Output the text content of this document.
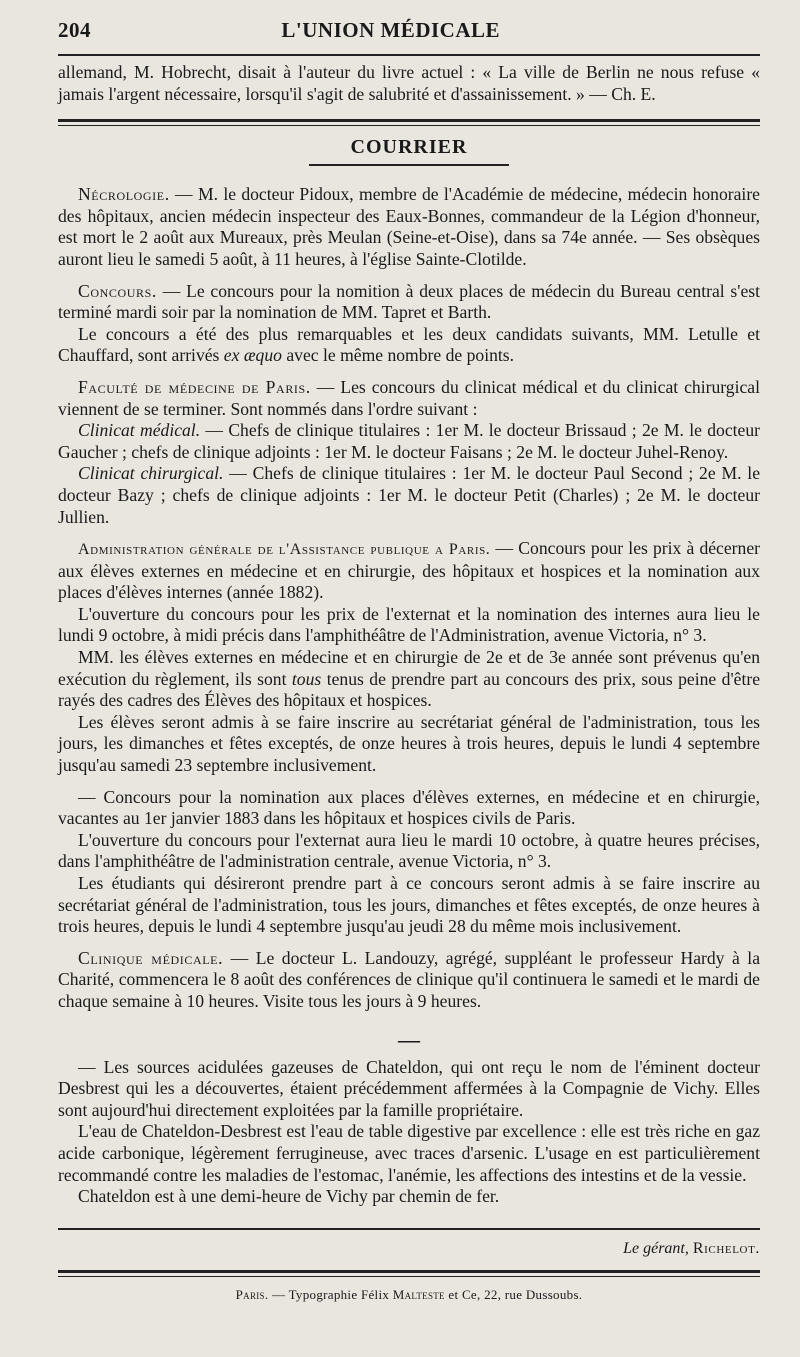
204	L'UNION MÉDICALE

allemand, M. Hobrecht, disait à l'auteur du livre actuel : « La ville de Berlin ne nous refuse « jamais l'argent nécessaire, lorsqu'il s'agit de salubrité et d'assainissement. » — Ch. E.

COURRIER

Nécrologie. — M. le docteur Pidoux, membre de l'Académie de médecine, médecin honoraire des hôpitaux, ancien médecin inspecteur des Eaux-Bonnes, commandeur de la Légion d'honneur, est mort le 2 août aux Mureaux, près Meulan (Seine-et-Oise), dans sa 74e année. — Ses obsèques auront lieu le samedi 5 août, à 11 heures, à l'église Sainte-Clotilde.

Concours. — Le concours pour la nomition à deux places de médecin du Bureau central s'est terminé mardi soir par la nomination de MM. Tapret et Barth.

Le concours a été des plus remarquables et les deux candidats suivants, MM. Letulle et Chauffard, sont arrivés ex æquo avec le même nombre de points.

Faculté de médecine de Paris. — Les concours du clinicat médical et du clinicat chirurgical viennent de se terminer. Sont nommés dans l'ordre suivant :

Clinicat médical. — Chefs de clinique titulaires : 1er M. le docteur Brissaud ; 2e M. le docteur Gaucher ; chefs de clinique adjoints : 1er M. le docteur Faisans ; 2e M. le docteur Juhel-Renoy.

Clinicat chirurgical. — Chefs de clinique titulaires : 1er M. le docteur Paul Second ; 2e M. le docteur Bazy ; chefs de clinique adjoints : 1er M. le docteur Petit (Charles) ; 2e M. le docteur Jullien.

Administration générale de l'Assistance publique a Paris. — Concours pour les prix à décerner aux élèves externes en médecine et en chirurgie, des hôpitaux et hospices et la nomination aux places d'élèves internes (année 1882).

L'ouverture du concours pour les prix de l'externat et la nomination des internes aura lieu le lundi 9 octobre, à midi précis dans l'amphithéâtre de l'Administration, avenue Victoria, n° 3.

MM. les élèves externes en médecine et en chirurgie de 2e et de 3e année sont prévenus qu'en exécution du règlement, ils sont tous tenus de prendre part au concours des prix, sous peine d'être rayés des cadres des Élèves des hôpitaux et hospices.

Les élèves seront admis à se faire inscrire au secrétariat général de l'administration, tous les jours, les dimanches et fêtes exceptés, de onze heures à trois heures, depuis le lundi 4 septembre jusqu'au samedi 23 septembre inclusivement.

— Concours pour la nomination aux places d'élèves externes, en médecine et en chirurgie, vacantes au 1er janvier 1883 dans les hôpitaux et hospices civils de Paris.

L'ouverture du concours pour l'externat aura lieu le mardi 10 octobre, à quatre heures précises, dans l'amphithéâtre de l'administration centrale, avenue Victoria, n° 3.

Les étudiants qui désireront prendre part à ce concours seront admis à se faire inscrire au secrétariat général de l'administration, tous les jours, dimanches et fêtes exceptés, de onze heures à trois heures, depuis le lundi 4 septembre jusqu'au jeudi 28 du même mois inclusivement.

Clinique médicale. — Le docteur L. Landouzy, agrégé, suppléant le professeur Hardy à la Charité, commencera le 8 août des conférences de clinique qu'il continuera le samedi et le mardi de chaque semaine à 10 heures. Visite tous les jours à 9 heures.

—

— Les sources acidulées gazeuses de Chateldon, qui ont reçu le nom de l'éminent docteur Desbrest qui les a découvertes, étaient précédemment affermées à la Compagnie de Vichy. Elles sont aujourd'hui directement exploitées par la famille propriétaire.

L'eau de Chateldon-Desbrest est l'eau de table digestive par excellence : elle est très riche en gaz acide carbonique, légèrement ferrugineuse, avec traces d'arsenic. L'usage en est particulièrement recommandé contre les maladies de l'estomac, l'anémie, les affections des intestins et de la vessie.

Chateldon est à une demi-heure de Vichy par chemin de fer.

Le gérant, Richelot.
Paris. — Typographie Félix Malteste et Ce, 22, rue Dussoubs.
